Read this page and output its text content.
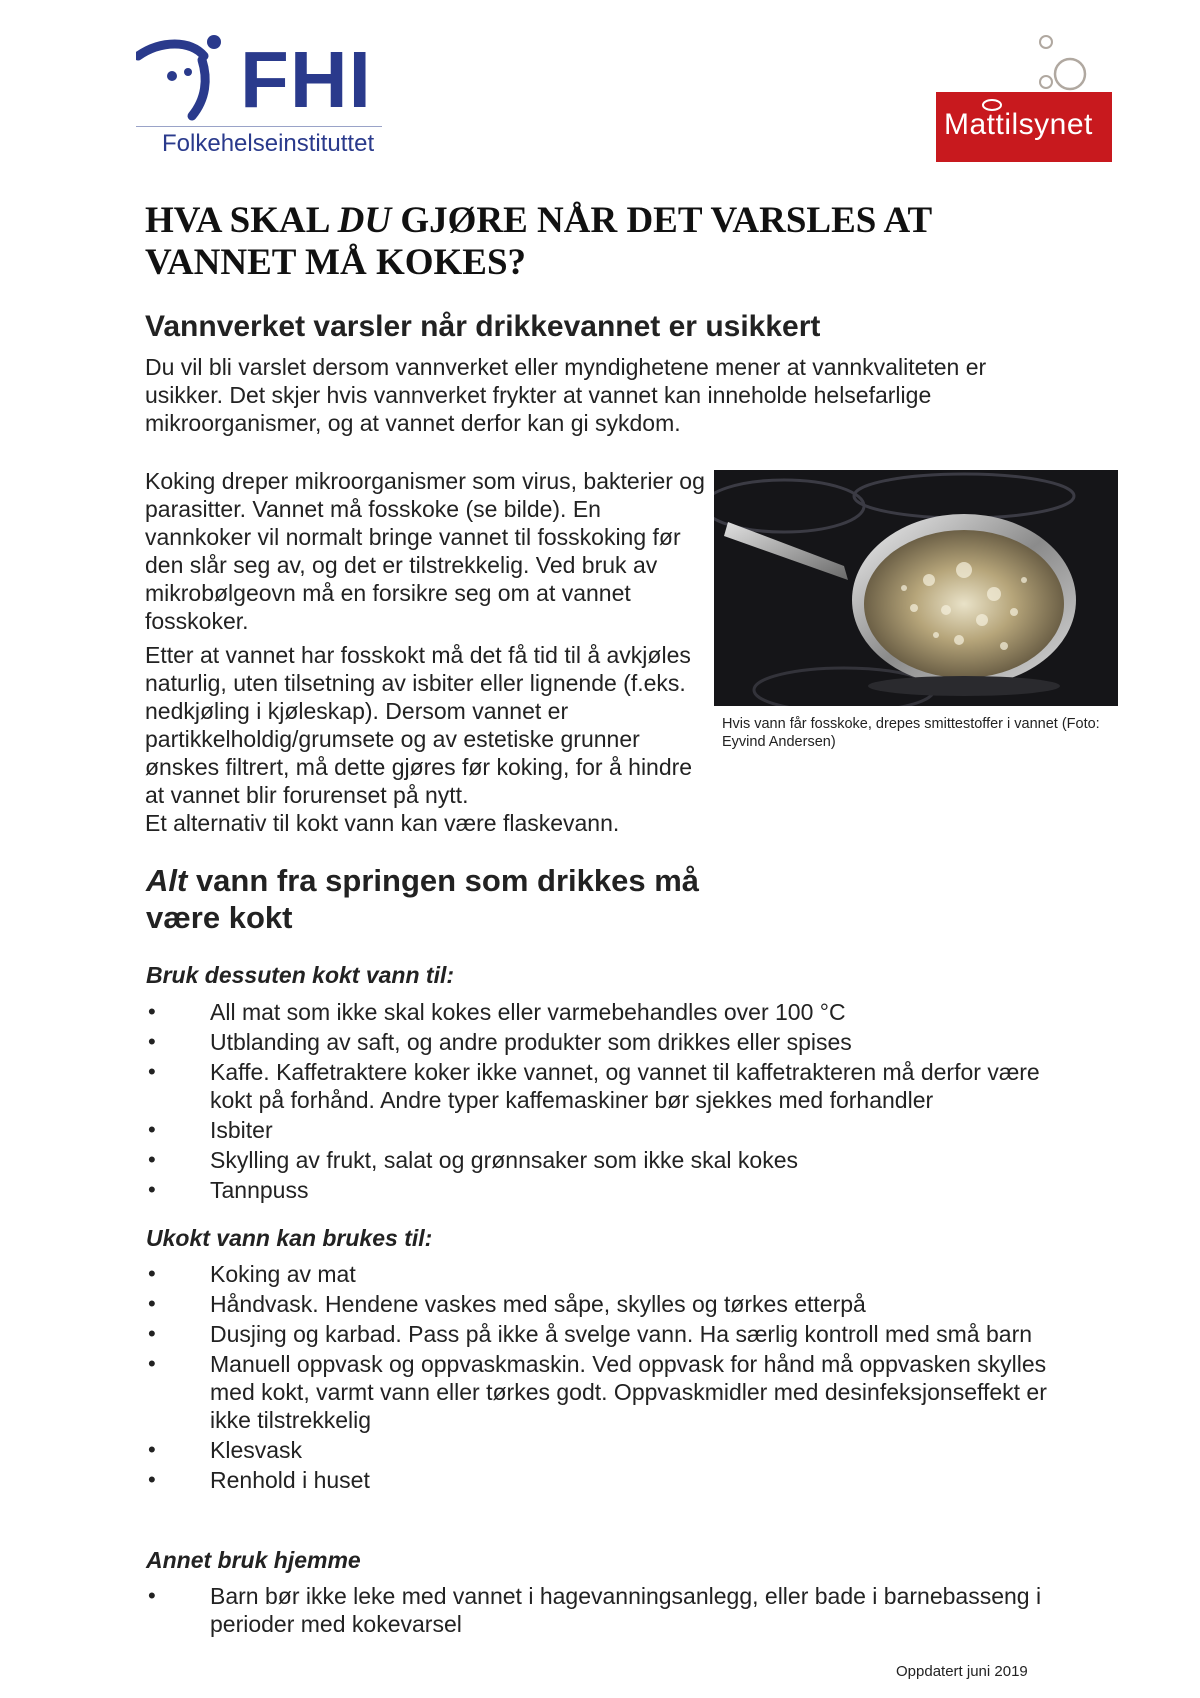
FHI
Folkehelseinstituttet
Mattilsynet
HVA SKAL DU GJØRE NÅR DET VARSLES AT VANNET MÅ KOKES?
Vannverket varsler når drikkevannet er usikkert

Du vil bli varslet dersom vannverket eller myndighetene mener at vannkvaliteten er usikker. Det skjer hvis vannverket frykter at vannet kan inneholde helsefarlige mikroorganismer, og at vannet derfor kan gi sykdom.

Koking dreper mikroorganismer som virus, bakterier og parasitter. Vannet må fosskoke (se bilde). En vannkoker vil normalt bringe vannet til fosskoking før den slår seg av, og det er tilstrekkelig. Ved bruk av mikrobølgeovn må en forsikre seg om at vannet fosskoker.

Etter at vannet har fosskokt må det få tid til å avkjøles naturlig, uten tilsetning av isbiter eller lignende (f.eks. nedkjøling i kjøleskap). Dersom vannet er partikkelholdig/grumsete og av estetiske grunner ønskes filtrert, må dette gjøres før koking, for å hindre at vannet blir forurenset på nytt.

Et alternativ til kokt vann kan være flaskevann.

Hvis vann får fosskoke, drepes smittestoffer i vannet (Foto: Eyvind Andersen)
Alt vann fra springen som drikkes må være kokt

Bruk dessuten kokt vann til:

• All mat som ikke skal kokes eller varmebehandles over 100 °C
• Utblanding av saft, og andre produkter som drikkes eller spises
• Kaffe. Kaffetraktere koker ikke vannet, og vannet til kaffetrakteren må derfor være kokt på forhånd. Andre typer kaffemaskiner bør sjekkes med forhandler
• Isbiter
• Skylling av frukt, salat og grønnsaker som ikke skal kokes
• Tannpuss

Ukokt vann kan brukes til:

• Koking av mat
• Håndvask. Hendene vaskes med såpe, skylles og tørkes etterpå
• Dusjing og karbad. Pass på ikke å svelge vann. Ha særlig kontroll med små barn
• Manuell oppvask og oppvaskmaskin. Ved oppvask for hånd må oppvasken skylles med kokt, varmt vann eller tørkes godt. Oppvaskmidler med desinfeksjonseffekt er ikke tilstrekkelig
• Klesvask
• Renhold i huset

Annet bruk hjemme

• Barn bør ikke leke med vannet i hagevanningsanlegg, eller bade i barnebasseng i perioder med kokevarsel
Oppdatert juni 2019
